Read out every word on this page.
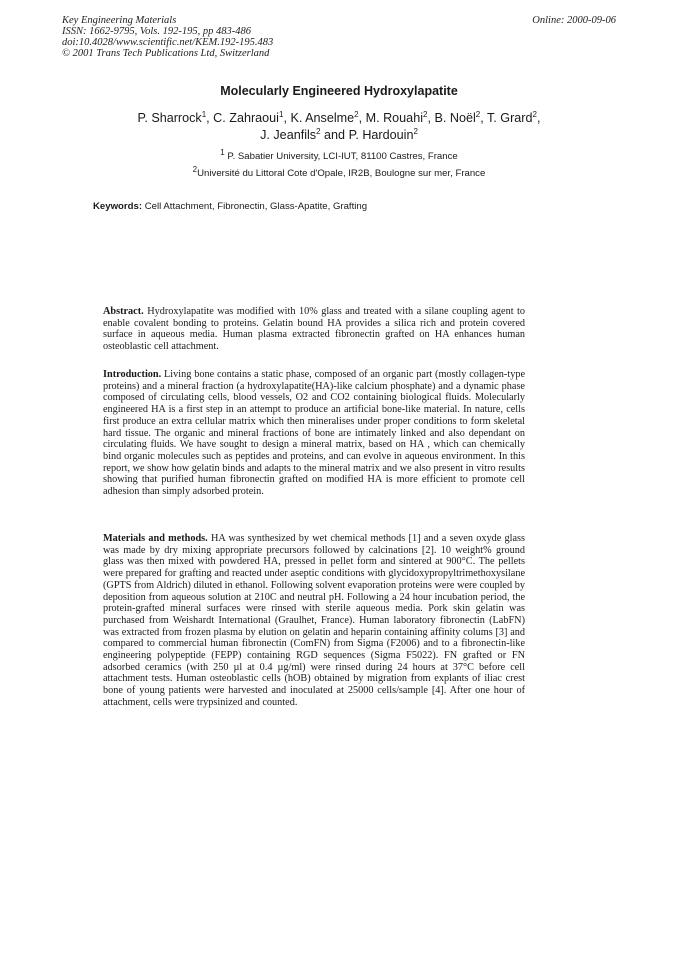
Key Engineering Materials
ISSN: 1662-9795, Vols. 192-195, pp 483-486
doi:10.4028/www.scientific.net/KEM.192-195.483
© 2001 Trans Tech Publications Ltd, Switzerland
Online: 2000-09-06
Molecularly Engineered Hydroxylapatite
P. Sharrock$^1$, C. Zahraoui$^1$, K. Anselme$^2$, M. Rouahi$^2$, B. Noël$^2$, T. Grard$^2$,
J. Jeanfils$^2$ and P. Hardouin$^2$
$^1$ P. Sabatier University, LCI-IUT, 81100 Castres, France
$^2$Université du Littoral Cote d'Opale, IR2B, Boulogne sur mer, France
Keywords: Cell Attachment, Fibronectin, Glass-Apatite, Grafting
Abstract. Hydroxylapatite was modified with 10% glass and treated with a silane coupling agent to enable covalent bonding to proteins. Gelatin bound HA provides a silica rich and protein covered surface in aqueous media. Human plasma extracted fibronectin grafted on HA enhances human osteoblastic cell attachment.
Introduction. Living bone contains a static phase, composed of an organic part (mostly collagen-type proteins) and a mineral fraction (a hydroxylapatite(HA)-like calcium phosphate) and a dynamic phase composed of circulating cells, blood vessels, O2 and CO2 containing biological fluids. Molecularly engineered HA is a first step in an attempt to produce an artificial bone-like material. In nature, cells first produce an extra cellular matrix which then mineralises under proper conditions to form skeletal hard tissue. The organic and mineral fractions of bone are intimately linked and also dependant on circulating fluids. We have sought to design a mineral matrix, based on HA , which can chemically bind organic molecules such as peptides and proteins, and can evolve in aqueous environment. In this report, we show how gelatin binds and adapts to the mineral matrix and we also present in vitro results showing that purified human fibronectin grafted on modified HA is more efficient to promote cell adhesion than simply adsorbed protein.
Materials and methods. HA was synthesized by wet chemical methods [1] and a seven oxyde glass was made by dry mixing appropriate precursors followed by calcinations [2]. 10 weight% ground glass was then mixed with powdered HA, pressed in pellet form and sintered at 900°C. The pellets were prepared for grafting and reacted under aseptic conditions with glycidoxypropyltrimethoxysilane (GPTS from Aldrich) diluted in ethanol. Following solvent evaporation proteins were were coupled by deposition from aqueous solution at 210C and neutral pH. Following a 24 hour incubation period, the protein-grafted mineral surfaces were rinsed with sterile aqueous media. Pork skin gelatin was purchased from Weishardt International (Graulhet, France). Human laboratory fibronectin (LabFN) was extracted from frozen plasma by elution on gelatin and heparin containing affinity colums [3] and compared to commercial human fibronectin (ComFN) from Sigma (F2006) and to a fibronectin-like engineering polypeptide (FEPP) containing RGD sequences (Sigma F5022). FN grafted or FN adsorbed ceramics (with 250 µl at 0.4 µg/ml) were rinsed during 24 hours at 37°C before cell attachment tests. Human osteoblastic cells (hOB) obtained by migration from explants of iliac crest bone of young patients were harvested and inoculated at 25000 cells/sample [4]. After one hour of attachment, cells were trypsinized and counted.
